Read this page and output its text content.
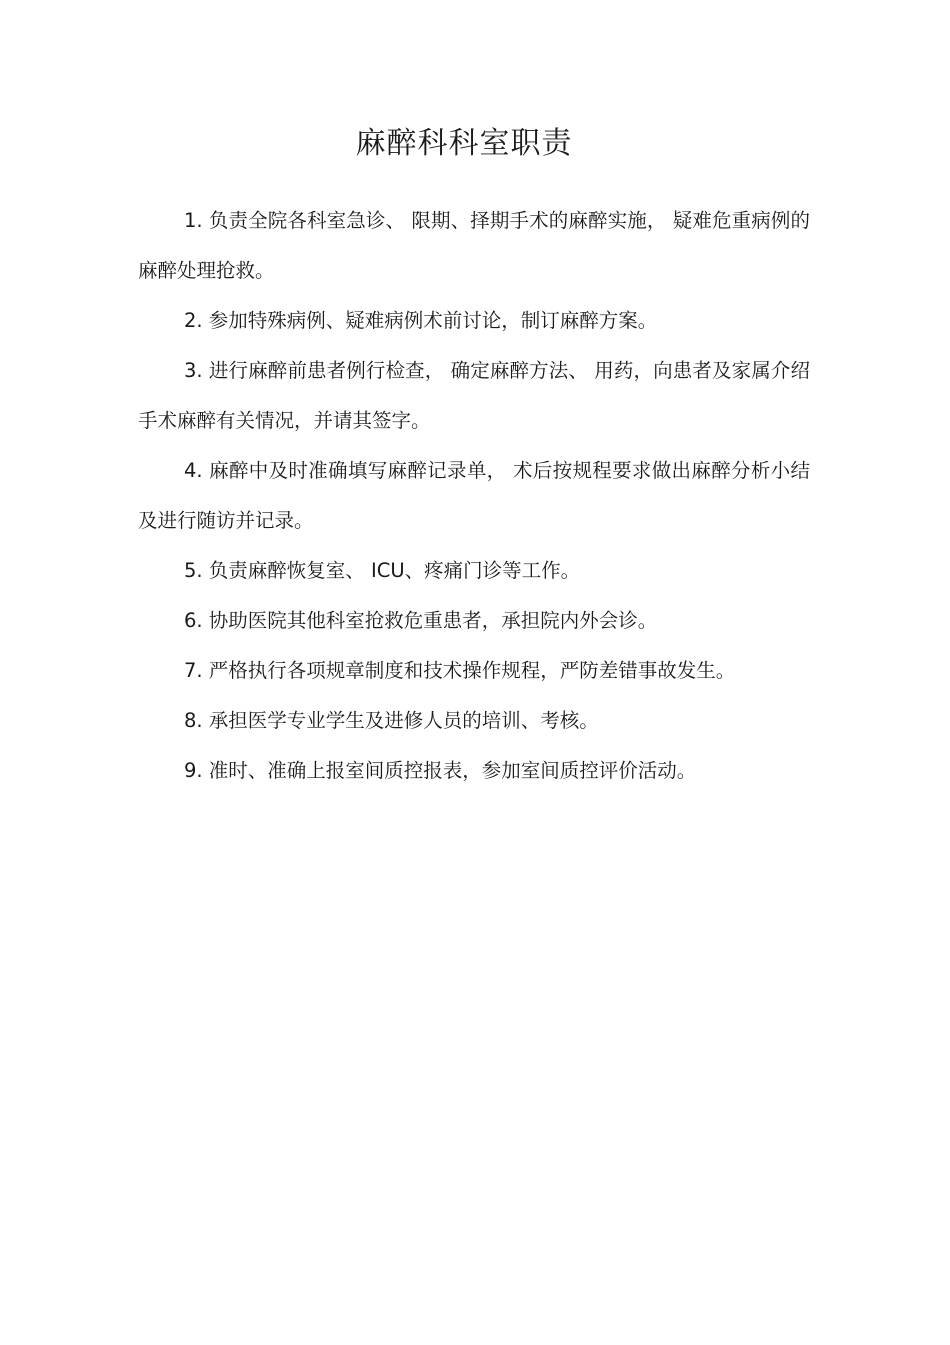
麻醉科科室职责

1. 负责全院各科室急诊、 限期、择期手术的麻醉实施， 疑难危重病例的麻醉处理抢救。

2. 参加特殊病例、疑难病例术前讨论，制订麻醉方案。

3. 进行麻醉前患者例行检查， 确定麻醉方法、 用药，向患者及家属介绍手术麻醉有关情况，并请其签字。

4. 麻醉中及时准确填写麻醉记录单， 术后按规程要求做出麻醉分析小结及进行随访并记录。

5. 负责麻醉恢复室、 ICU、疼痛门诊等工作。

6. 协助医院其他科室抢救危重患者，承担院内外会诊。

7. 严格执行各项规章制度和技术操作规程，严防差错事故发生。

8. 承担医学专业学生及进修人员的培训、考核。

9. 准时、准确上报室间质控报表，参加室间质控评价活动。
